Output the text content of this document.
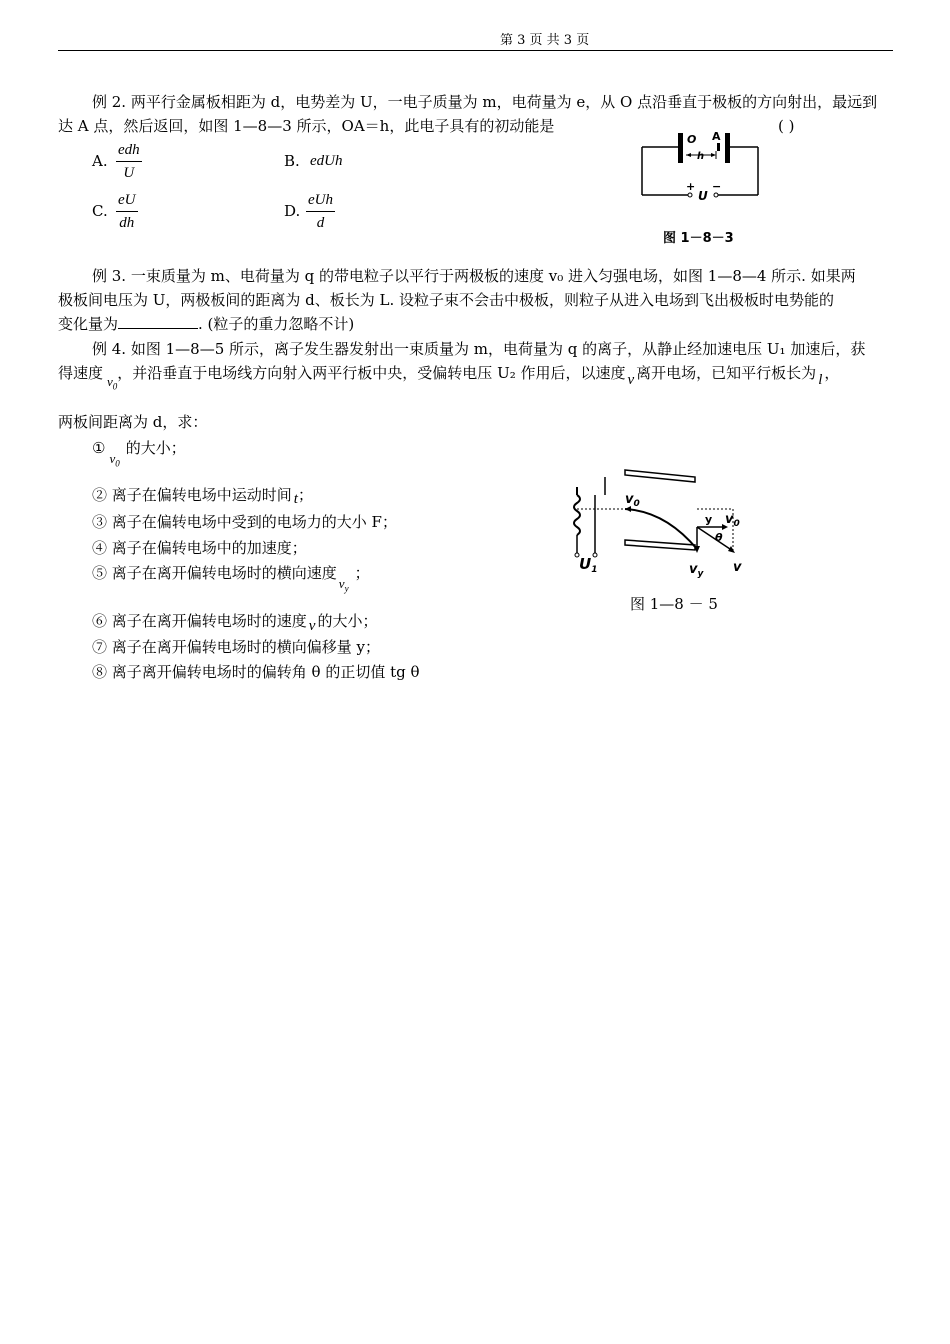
第 3 页 共 3 页
例 2. 两平行金属板相距为 d，电势差为 U，一电子质量为 m，电荷量为 e，从 O 点沿垂直于极板的方向射出，最远到
达 A 点，然后返回，如图 1—8—3 所示，OA＝h，此电子具有的初动能是	( )
A.
edh
U
B. edUh
C.
eU
dh
D.
eUh
d
O A
h
+
U
−
图 1－8－3
例 3. 一束质量为 m、电荷量为 q 的带电粒子以平行于两极板的速度 v₀ 进入匀强电场，如图 1—8—4 所示. 如果两
极板间电压为 U，两极板间的距离为 d、板长为 L. 设粒子束不会击中极板，则粒子从进入电场到飞出极板时电势能的
变化量为	. (粒子的重力忽略不计)
例 4. 如图 1—8—5 所示，离子发生器发射出一束质量为 m，电荷量为 q 的离子，从静止经加速电压 U₁ 加速后，获
得速度 $v_0$，并沿垂直于电场线方向射入两平行板中央，受偏转电压 U₂ 作用后，以速度 v 离开电场，已知平行板长为 l ，
两板间距离为 d，求：
$①v_0$的大小；
② 离子在偏转电场中运动时间 t；
③ 离子在偏转电场中受到的电场力的大小 F；
④ 离子在偏转电场中的加速度；
⑤ 离子在离开偏转电场时的横向速度$v_y$；
⑥ 离子在离开偏转电场时的速度 v 的大小；
⑦ 离子在离开偏转电场时的横向偏移量 y；
⑧ 离子离开偏转电场时的偏转角 θ 的正切值 tg θ
$v_0$
y $v_0$
θ
$U_1$	$v_y$ v
图 1—8 － 5
